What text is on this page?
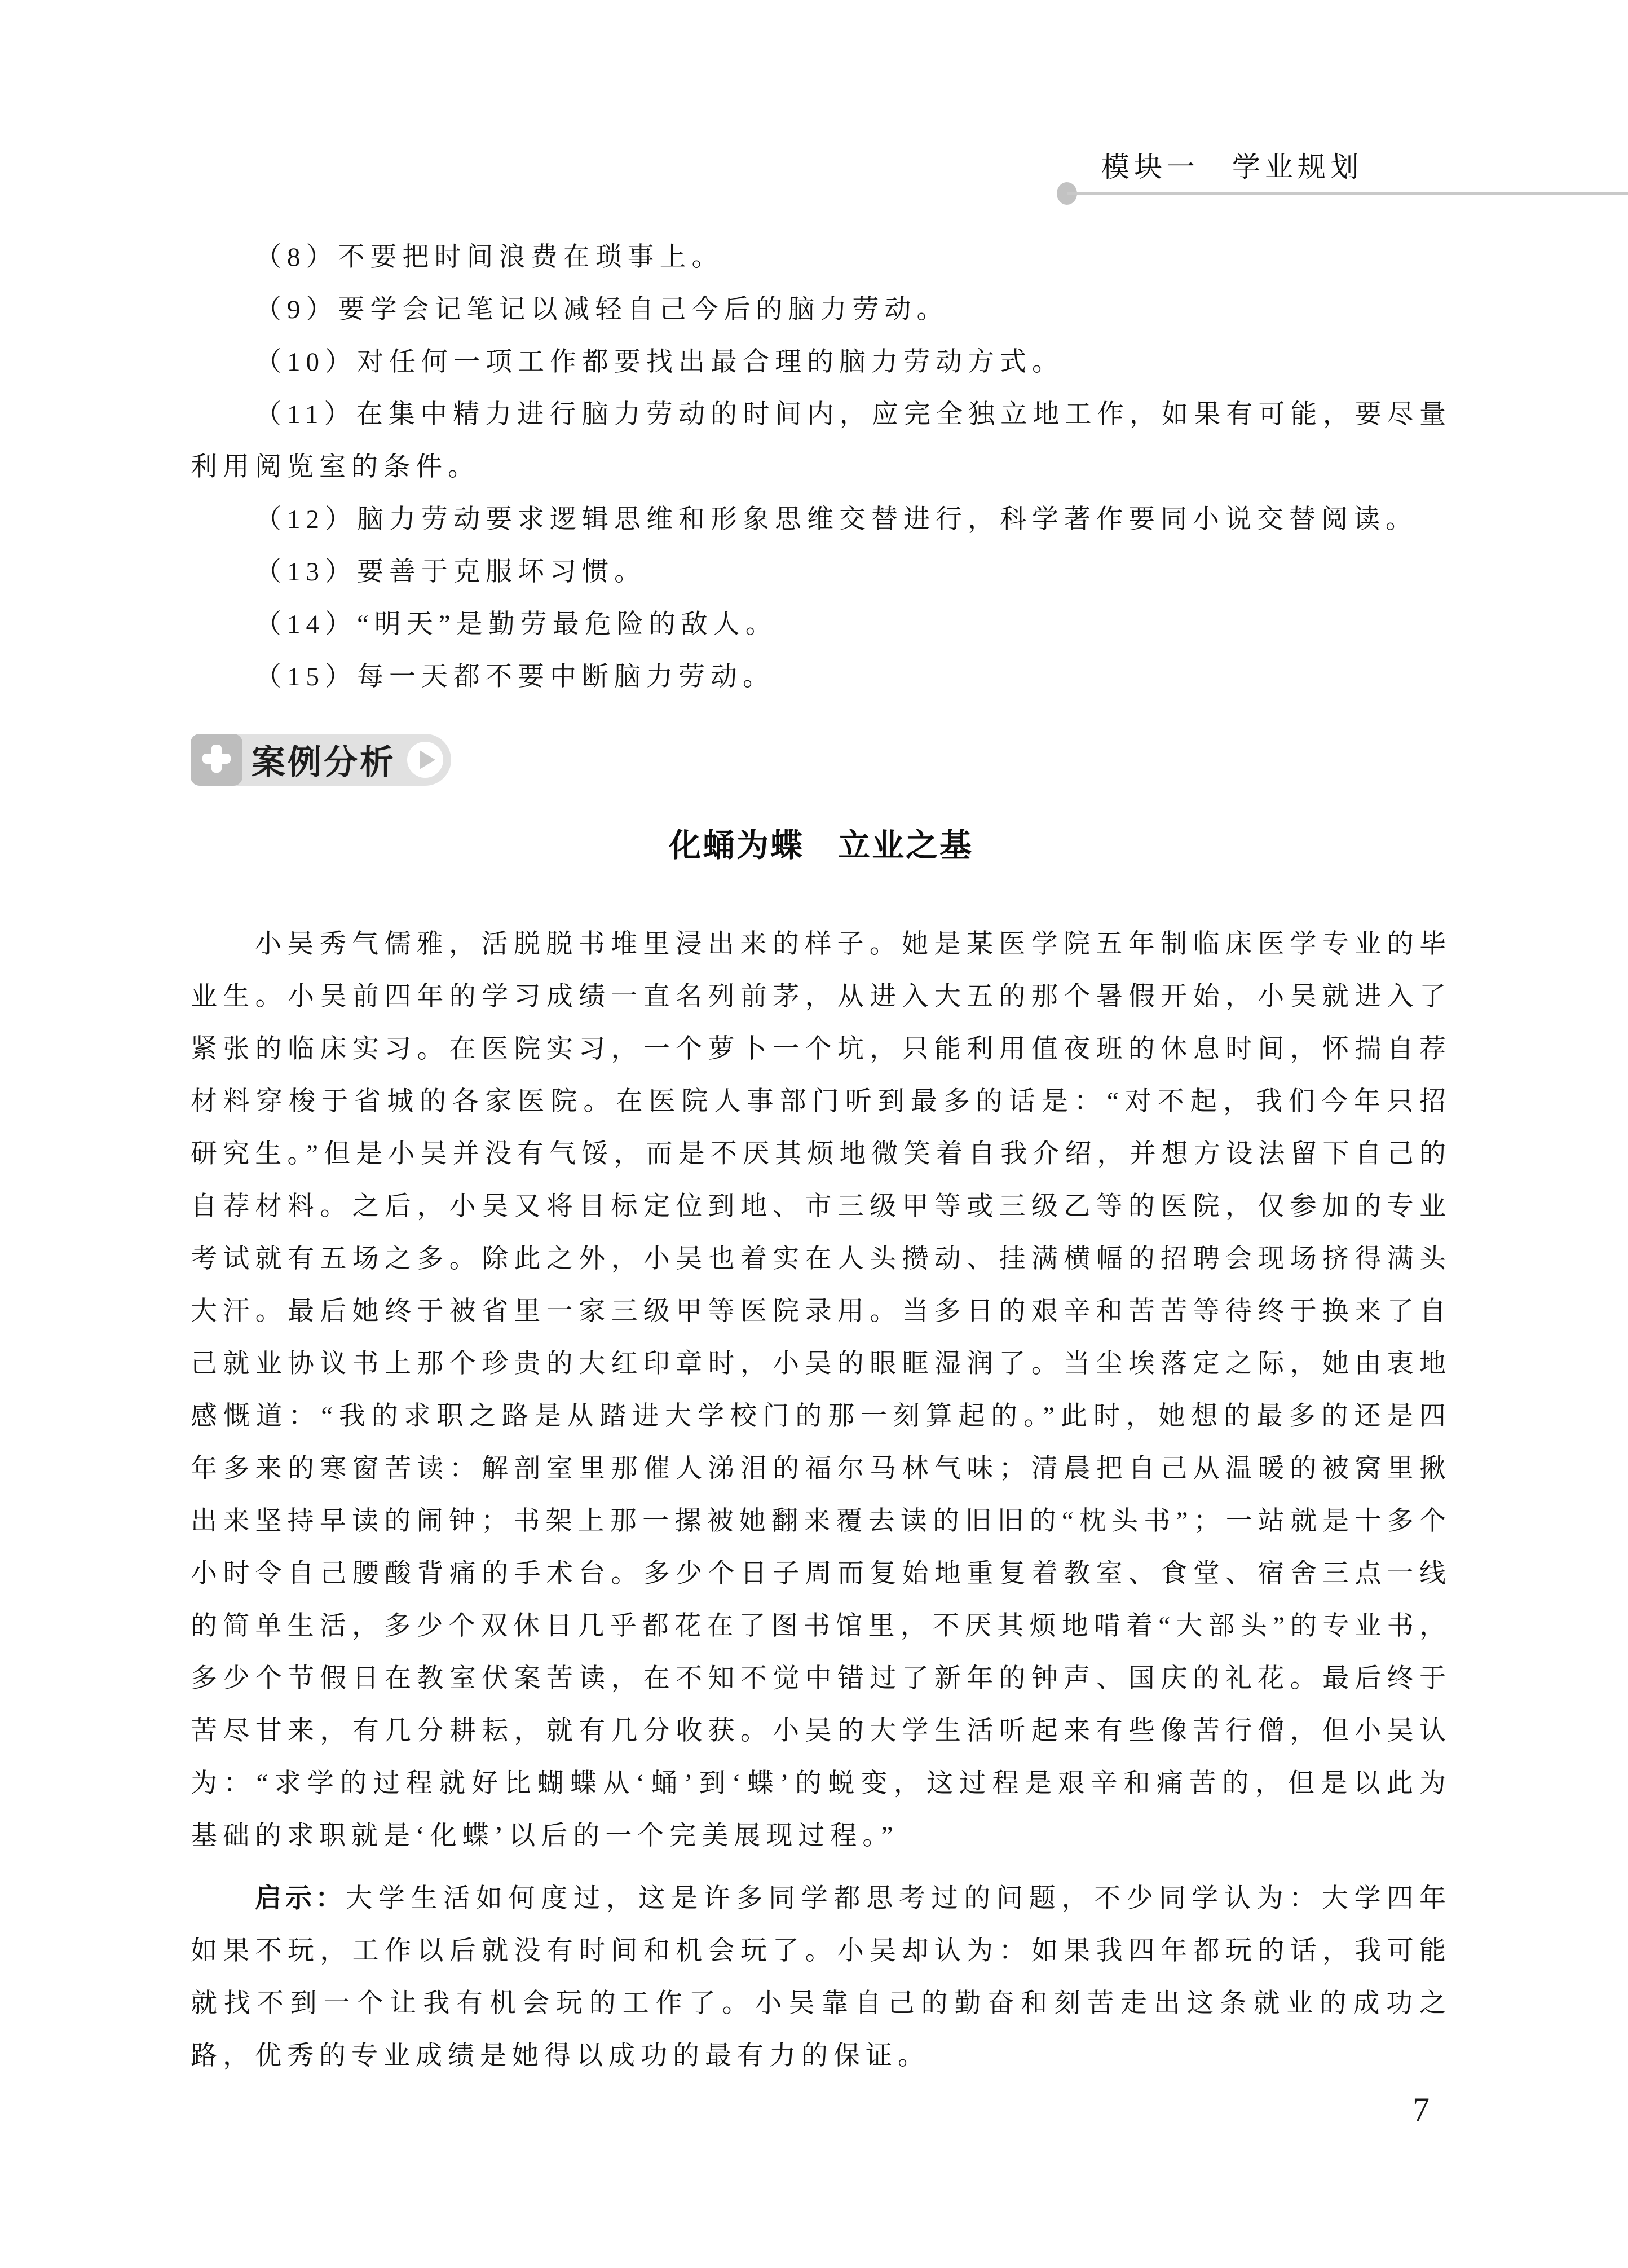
模块一　学业规划

（8）不要把时间浪费在琐事上。

（9）要学会记笔记以减轻自己今后的脑力劳动。

（10）对任何一项工作都要找出最合理的脑力劳动方式。

（11）在集中精力进行脑力劳动的时间内，应完全独立地工作，如果有可能，要尽量利用阅览室的条件。

（12）脑力劳动要求逻辑思维和形象思维交替进行，科学著作要同小说交替阅读。

（13）要善于克服坏习惯。

（14）“明天”是勤劳最危险的敌人。

（15）每一天都不要中断脑力劳动。

案例分析
化蛹为蝶　立业之基

小吴秀气儒雅，活脱脱书堆里浸出来的样子。她是某医学院五年制临床医学专业的毕业生。小吴前四年的学习成绩一直名列前茅，从进入大五的那个暑假开始，小吴就进入了紧张的临床实习。在医院实习，一个萝卜一个坑，只能利用值夜班的休息时间，怀揣自荐材料穿梭于省城的各家医院。在医院人事部门听到最多的话是：“对不起，我们今年只招研究生。”但是小吴并没有气馁，而是不厌其烦地微笑着自我介绍，并想方设法留下自己的自荐材料。之后，小吴又将目标定位到地、市三级甲等或三级乙等的医院，仅参加的专业考试就有五场之多。除此之外，小吴也着实在人头攒动、挂满横幅的招聘会现场挤得满头大汗。最后她终于被省里一家三级甲等医院录用。当多日的艰辛和苦苦等待终于换来了自己就业协议书上那个珍贵的大红印章时，小吴的眼眶湿润了。当尘埃落定之际，她由衷地感慨道：“我的求职之路是从踏进大学校门的那一刻算起的。”此时，她想的最多的还是四年多来的寒窗苦读：解剖室里那催人涕泪的福尔马林气味；清晨把自己从温暖的被窝里揪出来坚持早读的闹钟；书架上那一摞被她翻来覆去读的旧旧的“枕头书”；一站就是十多个小时令自己腰酸背痛的手术台。多少个日子周而复始地重复着教室、食堂、宿舍三点一线的简单生活，多少个双休日几乎都花在了图书馆里，不厌其烦地啃着“大部头”的专业书，多少个节假日在教室伏案苦读，在不知不觉中错过了新年的钟声、国庆的礼花。最后终于苦尽甘来，有几分耕耘，就有几分收获。小吴的大学生活听起来有些像苦行僧，但小吴认为：“求学的过程就好比蝴蝶从‘蛹’到‘蝶’的蜕变，这过程是艰辛和痛苦的，但是以此为基础的求职就是‘化蝶’以后的一个完美展现过程。”

启示：大学生活如何度过，这是许多同学都思考过的问题，不少同学认为：大学四年如果不玩，工作以后就没有时间和机会玩了。小吴却认为：如果我四年都玩的话，我可能就找不到一个让我有机会玩的工作了。小吴靠自己的勤奋和刻苦走出这条就业的成功之路，优秀的专业成绩是她得以成功的最有力的保证。

7
